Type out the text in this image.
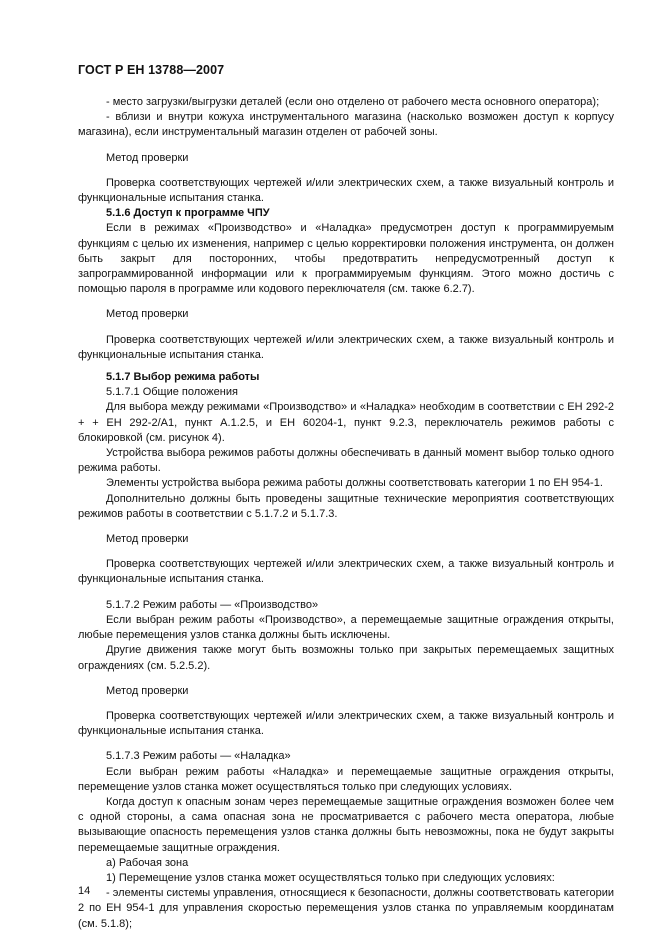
ГОСТ Р ЕН 13788—2007

- место загрузки/выгрузки деталей (если оно отделено от рабочего места основного оператора);

- вблизи и внутри кожуха инструментального магазина (насколько возможен доступ к корпусу магазина), если инструментальный магазин отделен от рабочей зоны.

Метод проверки

Проверка соответствующих чертежей и/или электрических схем, а также визуальный контроль и функциональные испытания станка.

5.1.6 Доступ к программе ЧПУ

Если в режимах «Производство» и «Наладка» предусмотрен доступ к программируемым функциям с целью их изменения, например с целью корректировки положения инструмента, он должен быть закрыт для посторонних, чтобы предотвратить непредусмотренный доступ к запрограммированной информации или к программируемым функциям. Этого можно достичь с помощью пароля в программе или кодового переключателя (см. также 6.2.7).

Метод проверки

Проверка соответствующих чертежей и/или электрических схем, а также визуальный контроль и функциональные испытания станка.

5.1.7 Выбор режима работы

5.1.7.1 Общие положения

Для выбора между режимами «Производство» и «Наладка» необходим в соответствии с ЕН 292-2 + + ЕН 292-2/А1, пункт А.1.2.5, и ЕН 60204-1, пункт 9.2.3, переключатель режимов работы с блокировкой (см. рисунок 4).

Устройства выбора режимов работы должны обеспечивать в данный момент выбор только одного режима работы.

Элементы устройства выбора режима работы должны соответствовать категории 1 по ЕН 954-1.

Дополнительно должны быть проведены защитные технические мероприятия соответствующих режимов работы в соответствии с 5.1.7.2 и 5.1.7.3.

Метод проверки

Проверка соответствующих чертежей и/или электрических схем, а также визуальный контроль и функциональные испытания станка.

5.1.7.2 Режим работы — «Производство»

Если выбран режим работы «Производство», а перемещаемые защитные ограждения открыты, любые перемещения узлов станка должны быть исключены.

Другие движения также могут быть возможны только при закрытых перемещаемых защитных ограждениях (см. 5.2.5.2).

Метод проверки

Проверка соответствующих чертежей и/или электрических схем, а также визуальный контроль и функциональные испытания станка.

5.1.7.3 Режим работы — «Наладка»

Если выбран режим работы «Наладка» и перемещаемые защитные ограждения открыты, перемещение узлов станка может осуществляться только при следующих условиях.

Когда доступ к опасным зонам через перемещаемые защитные ограждения возможен более чем с одной стороны, а сама опасная зона не просматривается с рабочего места оператора, любые вызывающие опасность перемещения узлов станка должны быть невозможны, пока не будут закрыты перемещаемые защитные ограждения.

а) Рабочая зона

1) Перемещение узлов станка может осуществляться только при следующих условиях:

- элементы системы управления, относящиеся к безопасности, должны соответствовать категории 2 по ЕН 954-1 для управления скоростью перемещения узлов станка по управляемым координатам (см. 5.1.8);

14
